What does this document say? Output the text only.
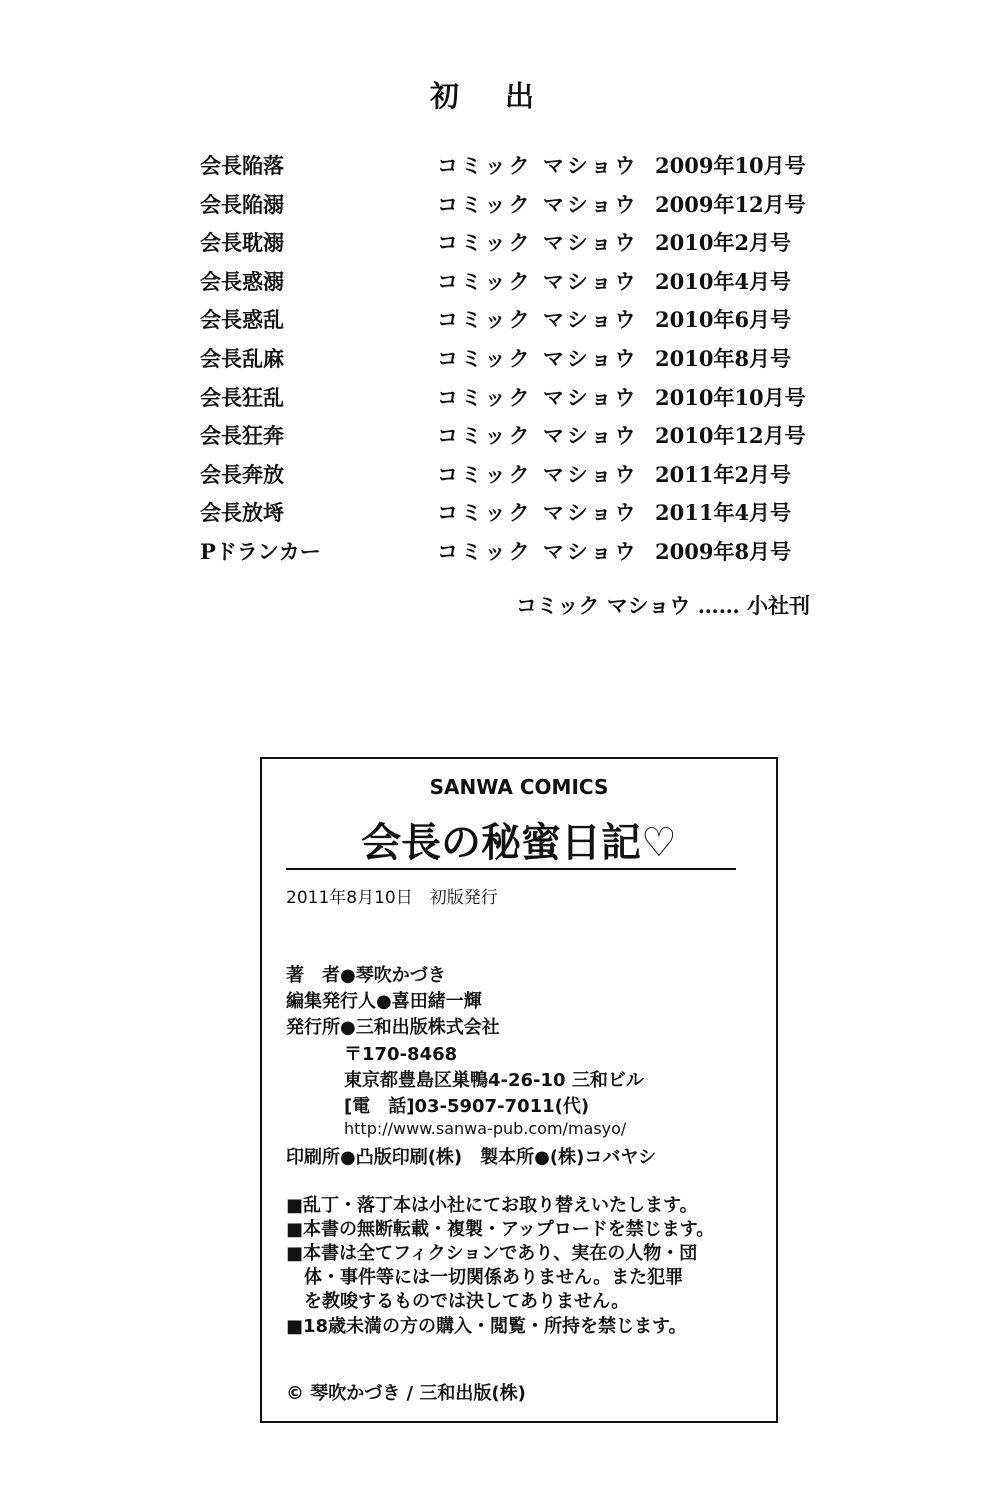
初 出
会長陥落	コミック マショウ 2009年10月号
会長陥溺	コミック マショウ 2009年12月号
会長耽溺	コミック マショウ 2010年2月号
会長惑溺	コミック マショウ 2010年4月号
会長惑乱	コミック マショウ 2010年6月号
会長乱麻	コミック マショウ 2010年8月号
会長狂乱	コミック マショウ 2010年10月号
会長狂奔	コミック マショウ 2010年12月号
会長奔放	コミック マショウ 2011年2月号
会長放埓	コミック マショウ 2011年4月号
Pドランカー	コミック マショウ 2009年8月号
コミック マショウ …… 小社刊
SANWA COMICS
会長の秘蜜日記♡
2011年8月10日　初版発行
著　者●琴吹かづき
編集発行人●喜田緒一輝
発行所●三和出版株式会社
〒170-8468
東京都豊島区巣鴨4-26-10 三和ビル
[電　話]03-5907-7011(代)
http://www.sanwa-pub.com/masyo/
印刷所●凸版印刷(株)　製本所●(株)コバヤシ
■乱丁・落丁本は小社にてお取り替えいたします。
■本書の無断転載・複製・アップロードを禁じます。
■本書は全てフィクションであり、実在の人物・団
　体・事件等には一切関係ありません。また犯罪
　を教唆するものでは決してありません。
■18歳未満の方の購入・閲覧・所持を禁じます。
© 琴吹かづき / 三和出版(株)
